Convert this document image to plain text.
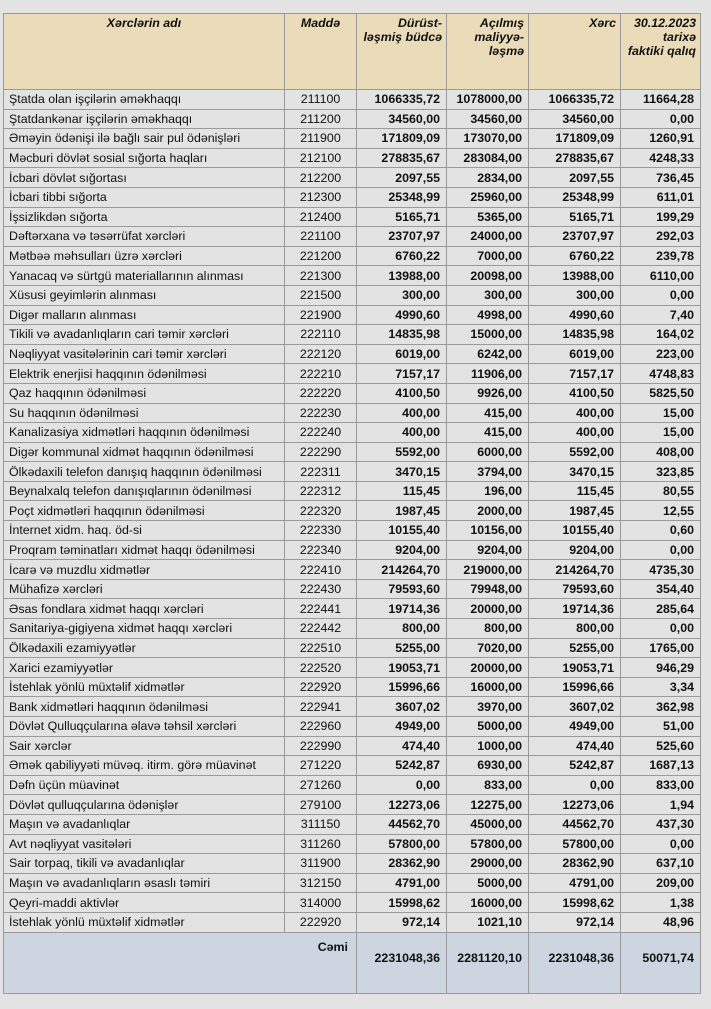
Xərclərin adı	Maddə	Dürüst-ləşmiş büdcə	Açılmış maliyyə-ləşmə	Xərc	30.12.2023 tarixə faktiki qalıq
Ştatda olan işçilərin əməkhaqqı	211100	1066335,72	1078000,00	1066335,72	11664,28
Ştatdankənar işçilərin əməkhaqqı	211200	34560,00	34560,00	34560,00	0,00
Əməyin ödənişi ilə bağlı sair pul ödənişləri	211900	171809,09	173070,00	171809,09	1260,91
Məcburi dövlət sosial sığorta haqları	212100	278835,67	283084,00	278835,67	4248,33
İcbari dövlət sığortası	212200	2097,55	2834,00	2097,55	736,45
İcbari tibbi sığorta	212300	25348,99	25960,00	25348,99	611,01
İşsizlikdən sığorta	212400	5165,71	5365,00	5165,71	199,29
Dəftərxana və təsərrüfat xərcləri	221100	23707,97	24000,00	23707,97	292,03
Mətbəə məhsulları üzrə xərcləri	221200	6760,22	7000,00	6760,22	239,78
Yanacaq və sürtgü materiallarının alınması	221300	13988,00	20098,00	13988,00	6110,00
Xüsusi geyimlərin alınması	221500	300,00	300,00	300,00	0,00
Digər malların alınması	221900	4990,60	4998,00	4990,60	7,40
Tikili və avadanlıqların cari təmir xərcləri	222110	14835,98	15000,00	14835,98	164,02
Nəqliyyat vasitələrinin cari təmir xərcləri	222120	6019,00	6242,00	6019,00	223,00
Elektrik enerjisi haqqının ödənilməsi	222210	7157,17	11906,00	7157,17	4748,83
Qaz haqqının ödənilməsi	222220	4100,50	9926,00	4100,50	5825,50
Su haqqının ödənilməsi	222230	400,00	415,00	400,00	15,00
Kanalizasiya xidmətləri haqqının ödənilməsi	222240	400,00	415,00	400,00	15,00
Digər kommunal xidmət haqqının ödənilməsi	222290	5592,00	6000,00	5592,00	408,00
Ölkədaxili telefon danışıq haqqının ödənilməsi	222311	3470,15	3794,00	3470,15	323,85
Beynalxalq telefon danışıqlarının ödənilməsi	222312	115,45	196,00	115,45	80,55
Poçt xidmətləri haqqının ödənilməsi	222320	1987,45	2000,00	1987,45	12,55
İnternet xidm. haq. öd-si	222330	10155,40	10156,00	10155,40	0,60
Proqram təminatları xidmət haqqı ödənilməsi	222340	9204,00	9204,00	9204,00	0,00
İcarə və muzdlu xidmətlər	222410	214264,70	219000,00	214264,70	4735,30
Mühafizə xərcləri	222430	79593,60	79948,00	79593,60	354,40
Əsas fondlara xidmət haqqı xərcləri	222441	19714,36	20000,00	19714,36	285,64
Sanitariya-gigiyena xidmət haqqı xərcləri	222442	800,00	800,00	800,00	0,00
Ölkədaxili ezamiyyətlər	222510	5255,00	7020,00	5255,00	1765,00
Xarici ezamiyyətlər	222520	19053,71	20000,00	19053,71	946,29
İstehlak yönlü müxtəlif xidmətlər	222920	15996,66	16000,00	15996,66	3,34
Bank xidmətləri haqqının ödənilməsi	222941	3607,02	3970,00	3607,02	362,98
Dövlət Qulluqçularına əlavə təhsil xərcləri	222960	4949,00	5000,00	4949,00	51,00
Sair xərclər	222990	474,40	1000,00	474,40	525,60
Əmək qabiliyyəti müvəq. itirm. görə müavinət	271220	5242,87	6930,00	5242,87	1687,13
Dəfn üçün müavinət	271260	0,00	833,00	0,00	833,00
Dövlət qulluqçularına ödənişlər	279100	12273,06	12275,00	12273,06	1,94
Maşın və avadanlıqlar	311150	44562,70	45000,00	44562,70	437,30
Avt nəqliyyat vasitələri	311260	57800,00	57800,00	57800,00	0,00
Sair torpaq, tikili və avadanlıqlar	311900	28362,90	29000,00	28362,90	637,10
Maşın və avadanlıqların əsaslı təmiri	312150	4791,00	5000,00	4791,00	209,00
Qeyri-maddi aktivlər	314000	15998,62	16000,00	15998,62	1,38
İstehlak yönlü müxtəlif xidmətlər	222920	972,14	1021,10	972,14	48,96
Cəmi		2231048,36	2281120,10	2231048,36	50071,74
